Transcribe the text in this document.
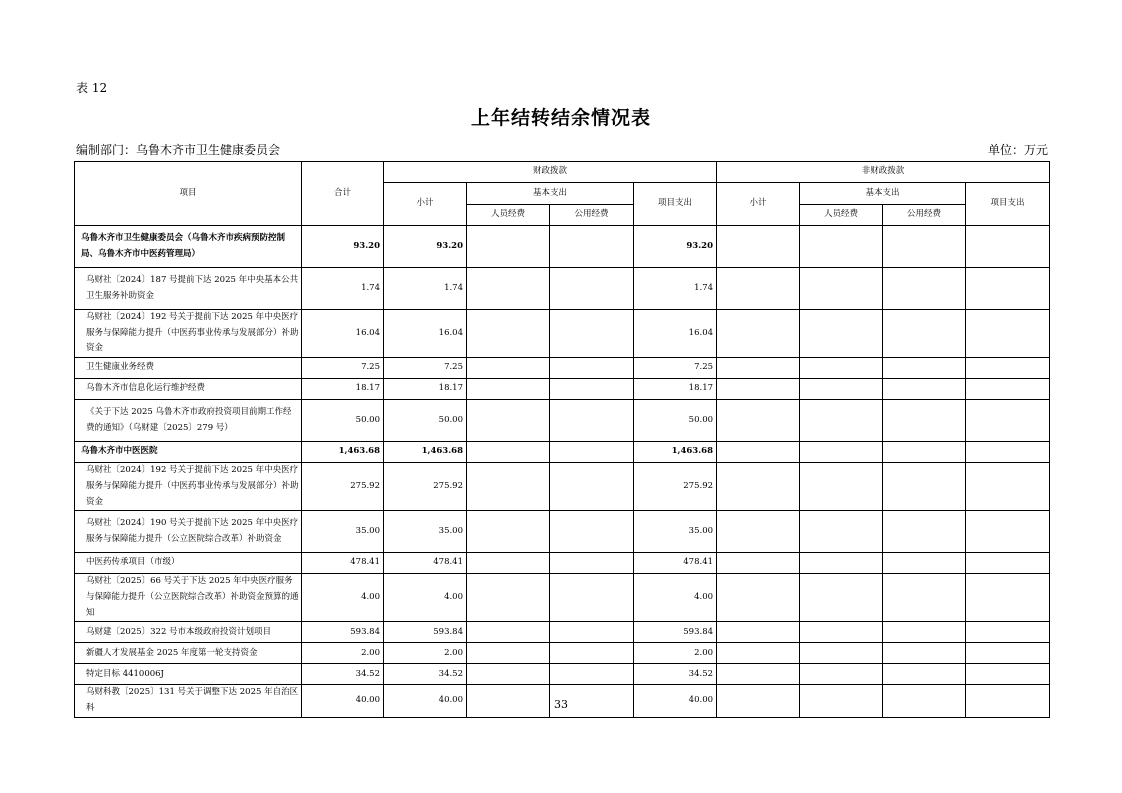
表 12
上年结转结余情况表
编制部门：乌鲁木齐市卫生健康委员会	单位：万元
项目	合计	财政拨款				非财政拨款			
		小计	基本支出		项目支出	小计	基本支出		项目支出
			人员经费	公用经费			人员经费	公用经费	
乌鲁木齐市卫生健康委员会（乌鲁木齐市疾病预防控制局、乌鲁木齐市中医药管理局）	93.20	93.20			93.20				
乌财社〔2024〕187 号提前下达 2025 年中央基本公共卫生服务补助资金	1.74	1.74			1.74				
乌财社〔2024〕192 号关于提前下达 2025 年中央医疗服务与保障能力提升（中医药事业传承与发展部分）补助资金	16.04	16.04			16.04				
卫生健康业务经费	7.25	7.25			7.25				
乌鲁木齐市信息化运行维护经费	18.17	18.17			18.17				
《关于下达 2025 乌鲁木齐市政府投资项目前期工作经费的通知》（乌财建〔2025〕279 号）	50.00	50.00			50.00				
乌鲁木齐市中医医院	1,463.68	1,463.68			1,463.68				
乌财社〔2024〕192 号关于提前下达 2025 年中央医疗服务与保障能力提升（中医药事业传承与发展部分）补助资金	275.92	275.92			275.92				
乌财社〔2024〕190 号关于提前下达 2025 年中央医疗服务与保障能力提升（公立医院综合改革）补助资金	35.00	35.00			35.00				
中医药传承项目（市级）	478.41	478.41			478.41				
乌财社〔2025〕66 号关于下达 2025 年中央医疗服务与保障能力提升（公立医院综合改革）补助资金预算的通知	4.00	4.00			4.00				
乌财建〔2025〕322 号市本级政府投资计划项目	593.84	593.84			593.84				
新疆人才发展基金 2025 年度第一轮支持资金	2.00	2.00			2.00				
特定目标 4410006J	34.52	34.52			34.52				
乌财科教〔2025〕131 号关于调整下达 2025 年自治区科	40.00	40.00			40.00				
33
